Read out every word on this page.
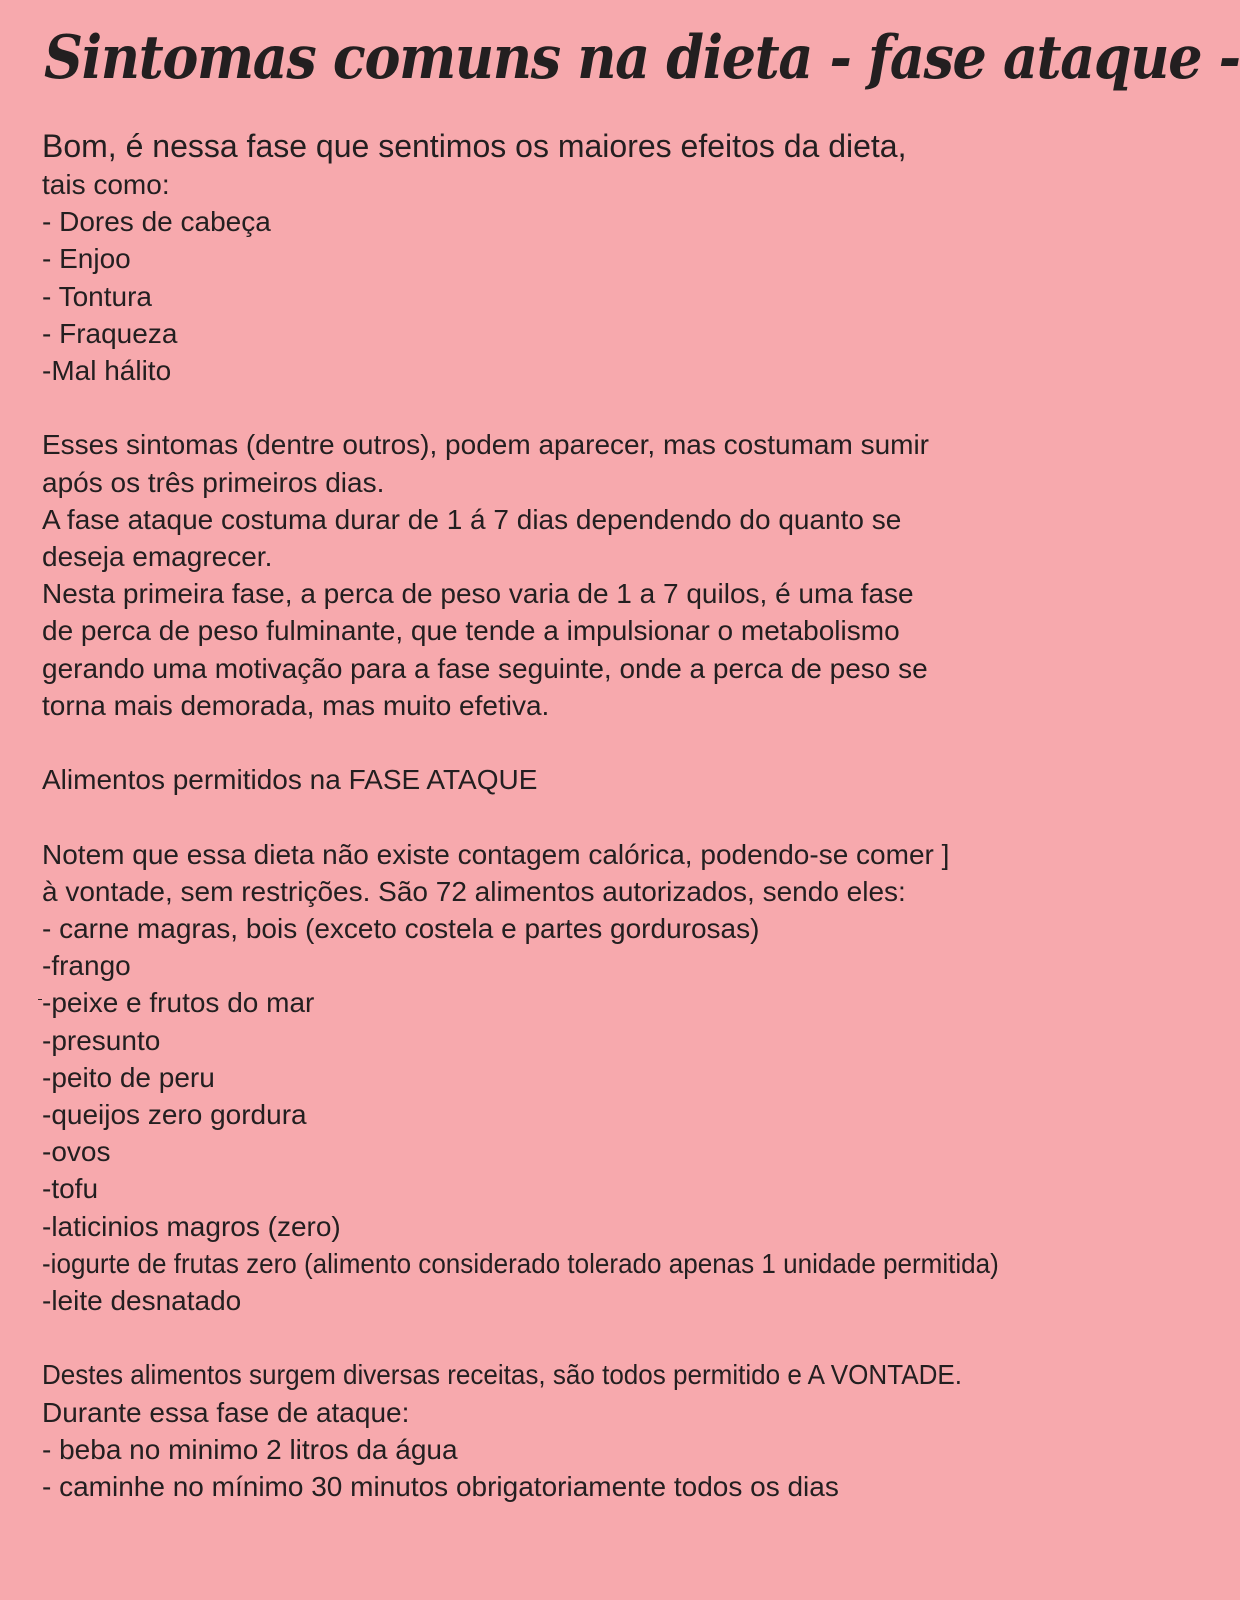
Sintomas comuns na dieta - fase ataque -
Bom, é nessa fase que sentimos os maiores efeitos da dieta,
tais como:
- Dores de cabeça
- Enjoo
- Tontura
- Fraqueza
-Mal hálito
Esses sintomas (dentre outros), podem aparecer, mas costumam sumir
após os três primeiros dias.
A fase ataque costuma durar de 1 á 7 dias dependendo do quanto se
deseja emagrecer.
Nesta primeira fase, a perca de peso varia de 1 a 7 quilos, é uma fase
de perca de peso fulminante, que tende a impulsionar o metabolismo
gerando uma motivação para a fase seguinte, onde a perca de peso se
torna mais demorada, mas muito efetiva.
Alimentos permitidos na FASE ATAQUE
Notem que essa dieta não existe contagem calórica, podendo-se comer ]
à vontade, sem restrições. São 72 alimentos autorizados, sendo eles:
- carne magras, bois (exceto costela e partes gordurosas)
-frango
-peixe e frutos do mar
-presunto
-peito de peru
-queijos zero gordura
-ovos
-tofu
-laticinios magros (zero)
-iogurte de frutas zero (alimento considerado tolerado apenas 1 unidade permitida)
-leite desnatado
Destes alimentos surgem diversas receitas, são todos permitido e A VONTADE.
Durante essa fase de ataque:
- beba no minimo 2 litros da água
- caminhe no mínimo 30 minutos obrigatoriamente todos os dias
